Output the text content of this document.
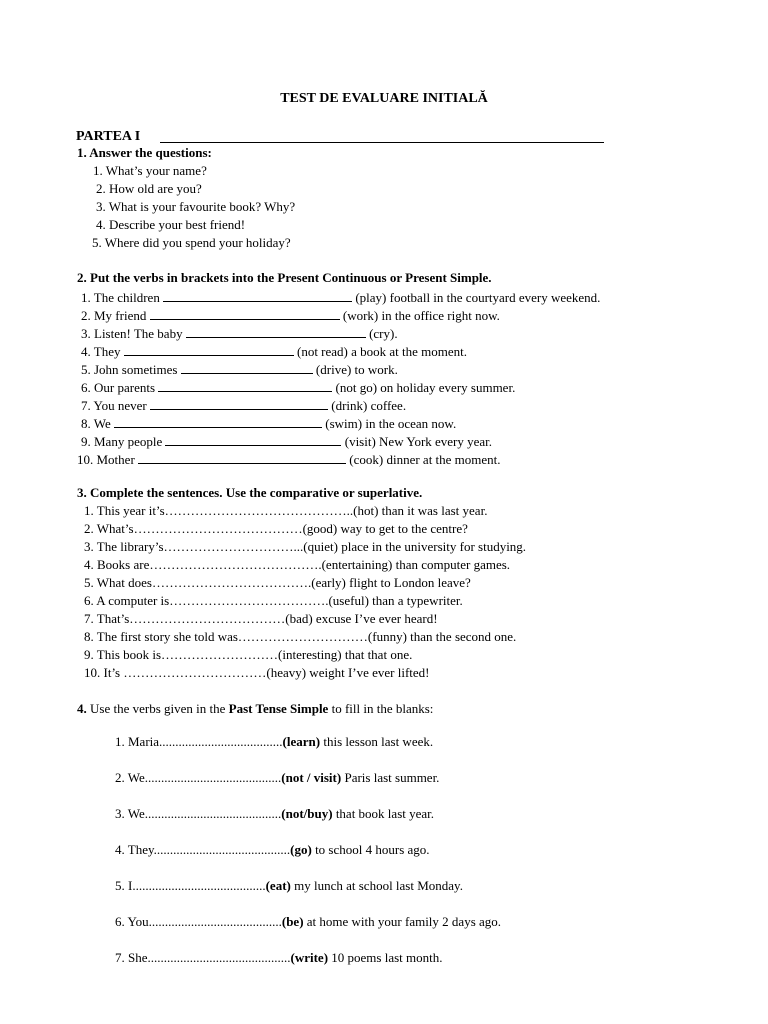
TEST DE EVALUARE INITIALĂ
PARTEA I
1. Answer the questions:
1. What’s your name?
2. How old are you?
3. What is your favourite book? Why?
4. Describe your best friend!
5. Where did you spend your holiday?
2. Put the verbs in brackets into the Present Continuous or Present Simple.
1. The children	(play) football in the courtyard every weekend.
2. My friend	(work) in the office right now.
3. Listen! The baby	(cry).
4. They	(not read) a book at the moment.
5. John sometimes	(drive) to work.
6. Our parents	(not go) on holiday every summer.
7. You never	(drink) coffee.
8. We	(swim) in the ocean now.
9. Many people	(visit) New York every year.
10. Mother	(cook) dinner at the moment.
3. Complete the sentences. Use the comparative or superlative.
1. This year it’s……………………………………..(hot) than it was last year.
2. What’s…………………………………(good) way to get to the centre?
3. The library’s…………………………...(quiet) place in the university for studying.
4. Books are………………………………….(entertaining) than computer games.
5. What does……………………………….(early) flight to London leave?
6. A computer is……………………………….(useful) than a typewriter.
7. That’s………………………………(bad) excuse I’ve ever heard!
8. The first story she told was…………………………(funny) than the second one.
9. This book is………………………(interesting) that that one.
10. It’s ……………………………(heavy) weight I’ve ever lifted!
4. Use the verbs given in the Past Tense Simple to fill in the blanks:
1. Maria......................................(learn) this lesson last week.
2. We..........................................(not / visit) Paris last summer.
3. We..........................................(not/buy) that book last year.
4. They..........................................(go) to school 4 hours ago.
5. I.........................................(eat) my lunch at school last Monday.
6. You.........................................(be) at home with your family 2 days ago.
7. She............................................(write) 10 poems last month.
